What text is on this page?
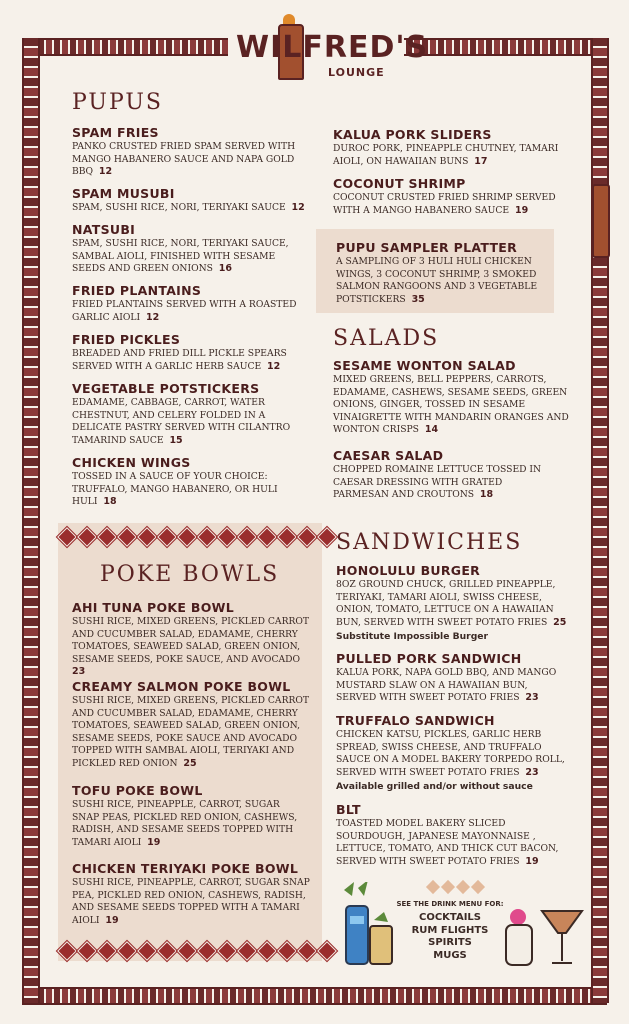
WILFRED'S
LOUNGE
PUPUS
SPAM FRIES

PANKO CRUSTED FRIED SPAM SERVED WITH MANGO HABANERO SAUCE AND NAPA GOLD BBQ 12

SPAM MUSUBI

SPAM, SUSHI RICE, NORI, TERIYAKI SAUCE 12

NATSUBI

SPAM, SUSHI RICE, NORI, TERIYAKI SAUCE, SAMBAL AIOLI, FINISHED WITH SESAME SEEDS AND GREEN ONIONS 16

FRIED PLANTAINS

FRIED PLANTAINS SERVED WITH A ROASTED GARLIC AIOLI 12

FRIED PICKLES

BREADED AND FRIED DILL PICKLE SPEARS SERVED WITH A GARLIC HERB SAUCE 12

VEGETABLE POTSTICKERS

EDAMAME, CABBAGE, CARROT, WATER CHESTNUT, AND CELERY FOLDED IN A DELICATE PASTRY SERVED WITH CILANTRO TAMARIND SAUCE 15

CHICKEN WINGS

TOSSED IN A SAUCE OF YOUR CHOICE: TRUFFALO, MANGO HABANERO, OR HULI HULI 18

KALUA PORK SLIDERS

DUROC PORK, PINEAPPLE CHUTNEY, TAMARI AIOLI, ON HAWAIIAN BUNS 17

COCONUT SHRIMP

COCONUT CRUSTED FRIED SHRIMP SERVED WITH A MANGO HABANERO SAUCE 19

PUPU SAMPLER PLATTER

A SAMPLING OF 3 HULI HULI CHICKEN WINGS, 3 COCONUT SHRIMP, 3 SMOKED SALMON RANGOONS AND 3 VEGETABLE POTSTICKERS 35

SALADS
SESAME WONTON SALAD

MIXED GREENS, BELL PEPPERS, CARROTS, EDAMAME, CASHEWS, SESAME SEEDS, GREEN ONIONS, GINGER, TOSSED IN SESAME VINAIGRETTE WITH MANDARIN ORANGES AND WONTON CRISPS 14

CAESAR SALAD

CHOPPED ROMAINE LETTUCE TOSSED IN CAESAR DRESSING WITH GRATED PARMESAN AND CROUTONS 18

POKE BOWLS
AHI TUNA POKE BOWL

SUSHI RICE, MIXED GREENS, PICKLED CARROT AND CUCUMBER SALAD, EDAMAME, CHERRY TOMATOES, SEAWEED SALAD, GREEN ONION, SESAME SEEDS, POKE SAUCE, AND AVOCADO  23

CREAMY SALMON POKE BOWL

SUSHI RICE, MIXED GREENS, PICKLED CARROT AND CUCUMBER SALAD, EDAMAME, CHERRY TOMATOES, SEAWEED SALAD, GREEN ONION, SESAME SEEDS, POKE SAUCE AND AVOCADO TOPPED WITH SAMBAL AIOLI, TERIYAKI AND PICKLED RED ONION 25

TOFU POKE BOWL

SUSHI RICE, PINEAPPLE, CARROT, SUGAR SNAP PEAS, PICKLED RED ONION, CASHEWS, RADISH, AND SESAME SEEDS TOPPED WITH TAMARI AIOLI 19

CHICKEN TERIYAKI POKE BOWL

SUSHI RICE, PINEAPPLE, CARROT, SUGAR SNAP PEA, PICKLED RED ONION, CASHEWS, RADISH, AND SESAME SEEDS TOPPED WITH A TAMARI AIOLI 19

SANDWICHES
HONOLULU BURGER

8OZ GROUND CHUCK, GRILLED PINEAPPLE, TERIYAKI, TAMARI AIOLI, SWISS CHEESE, ONION, TOMATO, LETTUCE ON A HAWAIIAN BUN, SERVED WITH SWEET POTATO FRIES 25

Substitute Impossible Burger
PULLED PORK SANDWICH

KALUA PORK, NAPA GOLD BBQ, AND MANGO MUSTARD SLAW ON A HAWAIIAN BUN, SERVED WITH SWEET POTATO FRIES 23

TRUFFALO SANDWICH

CHICKEN KATSU, PICKLES, GARLIC HERB SPREAD, SWISS CHEESE, AND TRUFFALO SAUCE ON A MODEL BAKERY TORPEDO ROLL, SERVED WITH SWEET POTATO FRIES 23

Available grilled and/or without sauce
BLT

TOASTED MODEL BAKERY SLICED SOURDOUGH, JAPANESE MAYONNAISE , LETTUCE, TOMATO, AND THICK CUT BACON, SERVED WITH SWEET POTATO FRIES 19

SEE THE DRINK MENU FOR:
COCKTAILS
RUM FLIGHTS
SPIRITS
MUGS
